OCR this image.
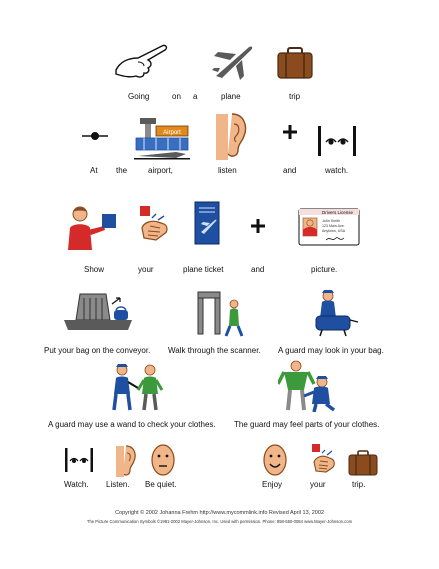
Going	on a	plane	trip
Airport
At the	airport,	listen	and	watch.
Drivers License
John Smith
123 Main Ave.
Anytown, USA
Show	your	plane ticket	and	picture.
Put your bag on the conveyor. Walk through the scanner. A guard may look in your bag.
A guard may use a wand to check your clothes. The guard may feel parts of your clothes.
Watch. Listen. Be quiet.	Enjoy	your	trip.
Copyright © 2002 Johanna Frehm http://www.mycommlink.info Revised April 13, 2002
The Picture Communication Symbols ©1981-2002 Mayer-Johnson, Inc. Used with permission. Phone: 858-550-0084 www.Mayer-Johnson.com
